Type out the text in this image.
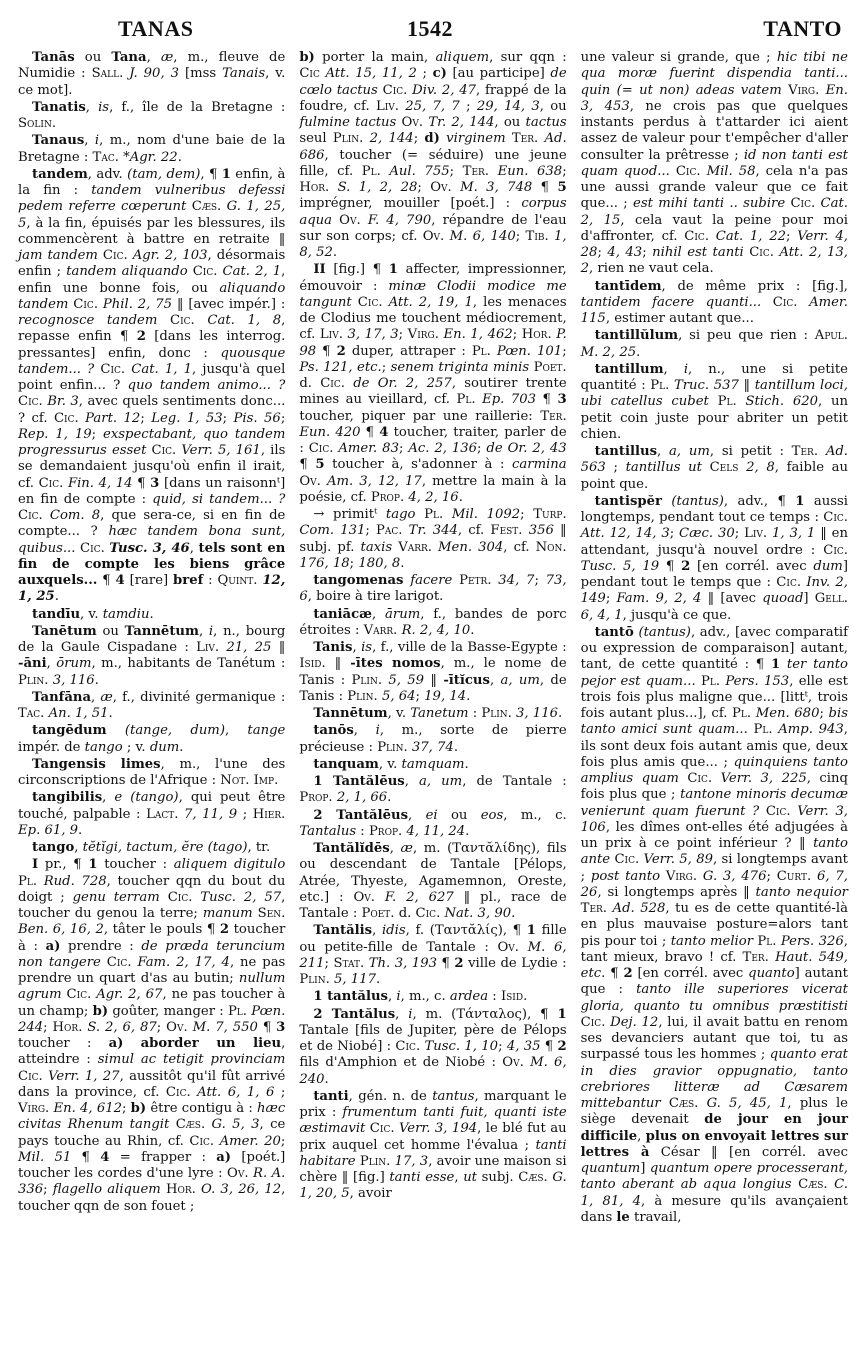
TANAS	1542	TANTO

Tanās ou Tana, æ, m., fleuve de Numidie : Sall. J. 90, 3 [mss Tanais, v. ce mot].

Tanatis, is, f., île de la Bretagne : Solin.

Tanaus, i, m., nom d'une baie de la Bretagne : Tac. *Agr. 22.

tandem, adv. (tam, dem), ¶ 1 enfin, à la fin : tandem vulneribus defessi pedem referre cœperunt Cæs. G. 1, 25, 5, à la fin, épuisés par les blessures, ils commencèrent à battre en retraite ‖ jam tandem Cic. Agr. 2, 103, désormais enfin ; tandem aliquando Cic. Cat. 2, 1, enfin une bonne fois, ou aliquando tandem Cic. Phil. 2, 75 ‖ [avec impér.] : recognosce tandem Cic. Cat. 1, 8, repasse enfin ¶ 2 [dans les interrog. pressantes] enfin, donc : quousque tandem... ? Cic. Cat. 1, 1, jusqu'à quel point enfin... ? quo tandem animo... ? Cic. Br. 3, avec quels sentiments donc... ? cf. Cic. Part. 12; Leg. 1, 53; Pis. 56; Rep. 1, 19; exspectabant, quo tandem progressurus esset Cic. Verr. 5, 161, ils se demandaient jusqu'où enfin il irait, cf. Cic. Fin. 4, 14 ¶ 3 [dans un raisonnᵗ] en fin de compte : quid, si tandem... ? Cic. Com. 8, que sera-ce, si en fin de compte... ? hæc tandem bona sunt, quibus... Cic. Tusc. 3, 46, tels sont en fin de compte les biens grâce auxquels... ¶ 4 [rare] bref : Quint. 12, 1, 25.

tandīu, v. tamdiu.

Tanētum ou Tannētum, i, n., bourg de la Gaule Cispadane : Liv. 21, 25 ‖ -āni, ōrum, m., habitants de Tanétum : Plin. 3, 116.

Tanfāna, æ, f., divinité germanique : Tac. An. 1, 51.

tangēdum (tange, dum), tange impér. de tango ; v. dum.

Tangensis limes, m., l'une des circonscriptions de l'Afrique : Not. Imp.

tangibilis, e (tango), qui peut être touché, palpable : Lact. 7, 11, 9 ; Hier. Ep. 61, 9.

tango, tĕtĭgi, tactum, ĕre (tago), tr.

I pr., ¶ 1 toucher : aliquem digitulo Pl. Rud. 728, toucher qqn du bout du doigt ; genu terram Cic. Tusc. 2, 57, toucher du genou la terre; manum Sen. Ben. 6, 16, 2, tâter le pouls ¶ 2 toucher à : a) prendre : de præda teruncium non tangere Cic. Fam. 2, 17, 4, ne pas prendre un quart d'as au butin; nullum agrum Cic. Agr. 2, 67, ne pas toucher à un champ; b) goûter, manger : Pl. Pœn. 244; Hor. S. 2, 6, 87; Ov. M. 7, 550 ¶ 3 toucher : a) aborder un lieu, atteindre : simul ac tetigit provinciam Cic. Verr. 1, 27, aussitôt qu'il fût arrivé dans la province, cf. Cic. Att. 6, 1, 6 ; Virg. En. 4, 612; b) être contigu à : hæc civitas Rhenum tangit Cæs. G. 5, 3, ce pays touche au Rhin, cf. Cic. Amer. 20; Mil. 51 ¶ 4 = frapper : a) [poét.] toucher les cordes d'une lyre : Ov. R. A. 336; flagello aliquem Hor. O. 3, 26, 12, toucher qqn de son fouet ;

b) porter la main, aliquem, sur qqn : Cic Att. 15, 11, 2 ; c) [au participe] de cœlo tactus Cic. Div. 2, 47, frappé de la foudre, cf. Liv. 25, 7, 7 ; 29, 14, 3, ou fulmine tactus Ov. Tr. 2, 144, ou tactus seul Plin. 2, 144; d) virginem Ter. Ad. 686, toucher (= séduire) une jeune fille, cf. Pl. Aul. 755; Ter. Eun. 638; Hor. S. 1, 2, 28; Ov. M. 3, 748 ¶ 5 imprégner, mouiller [poét.] : corpus aqua Ov. F. 4, 790, répandre de l'eau sur son corps; cf. Ov. M. 6, 140; Tib. 1, 8, 52.

II [fig.] ¶ 1 affecter, impressionner, émouvoir : minæ Clodii modice me tangunt Cic. Att. 2, 19, 1, les menaces de Clodius me touchent médiocrement, cf. Liv. 3, 17, 3; Virg. En. 1, 462; Hor. P. 98 ¶ 2 duper, attraper : Pl. Pœn. 101; Ps. 121, etc.; senem triginta minis Poet. d. Cic. de Or. 2, 257, soutirer trente mines au vieillard, cf. Pl. Ep. 703 ¶ 3 toucher, piquer par une raillerie: Ter. Eun. 420 ¶ 4 toucher, traiter, parler de : Cic. Amer. 83; Ac. 2, 136; de Or. 2, 43 ¶ 5 toucher à, s'adonner à : carmina Ov. Am. 3, 12, 17, mettre la main à la poésie, cf. Prop. 4, 2, 16.

→ primitᵗ tago Pl. Mil. 1092; Turp. Com. 131; Pac. Tr. 344, cf. Fest. 356 ‖ subj. pf. taxis Varr. Men. 304, cf. Non. 176, 18; 180, 8.

tangomenas facere Petr. 34, 7; 73, 6, boire à tire larigot.

taniācæ, ārum, f., bandes de porc étroites : Varr. R. 2, 4, 10.

Tanis, is, f., ville de la Basse-Egypte : Isid. ‖ -ītes nomos, m., le nome de Tanis : Plin. 5, 59 ‖ -ītĭcus, a, um, de Tanis : Plin. 5, 64; 19, 14.

Tannētum, v. Tanetum : Plin. 3, 116.

tanōs, i, m., sorte de pierre précieuse : Plin. 37, 74.

tanquam, v. tamquam.

1 Tantălēus, a, um, de Tantale : Prop. 2, 1, 66.

2 Tantălēus, ei ou eos, m., c. Tantalus : Prop. 4, 11, 24.

Tantălĭdēs, æ, m. (Ταντᾰλίδης), fils ou descendant de Tantale [Pélops, Atrée, Thyeste, Agamemnon, Oreste, etc.] : Ov. F. 2, 627 ‖ pl., race de Tantale : Poet. d. Cic. Nat. 3, 90.

Tantălis, idis, f. (Ταντᾰλίς), ¶ 1 fille ou petite-fille de Tantale : Ov. M. 6, 211; Stat. Th. 3, 193 ¶ 2 ville de Lydie : Plin. 5, 117.

1 tantălus, i, m., c. ardea : Isid.

2 Tantălus, i, m. (Τάνταλος), ¶ 1 Tantale [fils de Jupiter, père de Pélops et de Niobé] : Cic. Tusc. 1, 10; 4, 35 ¶ 2 fils d'Amphion et de Niobé : Ov. M. 6, 240.

tanti, gén. n. de tantus, marquant le prix : frumentum tanti fuit, quanti iste æstimavit Cic. Verr. 3, 194, le blé fut au prix auquel cet homme l'évalua ; tanti habitare Plin. 17, 3, avoir une maison si chère ‖ [fig.] tanti esse, ut subj. Cæs. G. 1, 20, 5, avoir

une valeur si grande, que ; hic tibi ne qua moræ fuerint dispendia tanti... quin (= ut non) adeas vatem Virg. En. 3, 453, ne crois pas que quelques instants perdus à t'attarder ici aient assez de valeur pour t'empêcher d'aller consulter la prêtresse ; id non tanti est quam quod... Cic. Mil. 58, cela n'a pas une aussi grande valeur que ce fait que... ; est mihi tanti .. subire Cic. Cat. 2, 15, cela vaut la peine pour moi d'affronter, cf. Cic. Cat. 1, 22; Verr. 4, 28; 4, 43; nihil est tanti Cic. Att. 2, 13, 2, rien ne vaut cela.

tantīdem, de même prix : [fig.], tantidem facere quanti... Cic. Amer. 115, estimer autant que...

tantillŭlum, si peu que rien : Apul. M. 2, 25.

tantillum, i, n., une si petite quantité : Pl. Truc. 537 ‖ tantillum loci, ubi catellus cubet Pl. Stich. 620, un petit coin juste pour abriter un petit chien.

tantillus, a, um, si petit : Ter. Ad. 563 ; tantillus ut Cels 2, 8, faible au point que.

tantispĕr (tantus), adv., ¶ 1 aussi longtemps, pendant tout ce temps : Cic. Att. 12, 14, 3; Cæc. 30; Liv. 1, 3, 1 ‖ en attendant, jusqu'à nouvel ordre : Cic. Tusc. 5, 19 ¶ 2 [en corrél. avec dum] pendant tout le temps que : Cic. Inv. 2, 149; Fam. 9, 2, 4 ‖ [avec quoad] Gell. 6, 4, 1, jusqu'à ce que.

tantō (tantus), adv., [avec comparatif ou expression de comparaison] autant, tant, de cette quantité : ¶ 1 ter tanto pejor est quam... Pl. Pers. 153, elle est trois fois plus maligne que... [littᵗ, trois fois autant plus...], cf. Pl. Men. 680; bis tanto amici sunt quam... Pl. Amp. 943, ils sont deux fois autant amis que, deux fois plus amis que... ; quinquiens tanto amplius quam Cic. Verr. 3, 225, cinq fois plus que ; tantone minoris decumæ venierunt quam fuerunt ? Cic. Verr. 3, 106, les dîmes ont-elles été adjugées à un prix à ce point inférieur ? ‖ tanto ante Cic. Verr. 5, 89, si longtemps avant ; post tanto Virg. G. 3, 476; Curt. 6, 7, 26, si longtemps après ‖ tanto nequior Ter. Ad. 528, tu es de cette quantité-là en plus mauvaise posture=alors tant pis pour toi ; tanto melior Pl. Pers. 326, tant mieux, bravo ! cf. Ter. Haut. 549, etc. ¶ 2 [en corrél. avec quanto] autant que : tanto ille superiores vicerat gloria, quanto tu omnibus præstitisti Cic. Dej. 12, lui, il avait battu en renom ses devanciers autant que toi, tu as surpassé tous les hommes ; quanto erat in dies gravior oppugnatio, tanto crebriores litteræ ad Cæsarem mittebantur Cæs. G. 5, 45, 1, plus le siège devenait de jour en jour difficile, plus on envoyait lettres sur lettres à César ‖ [en corrél. avec quantum] quantum opere processerant, tanto aberant ab aqua longius Cæs. C. 1, 81, 4, à mesure qu'ils avançaient dans le travail,
